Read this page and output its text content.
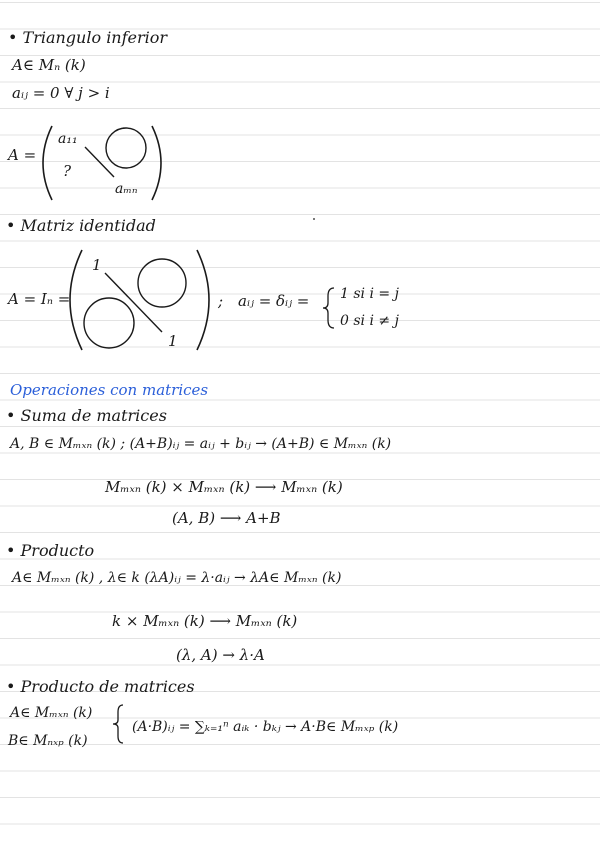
• Triangulo inferior
A∈ Mₙ (k)
aᵢⱼ = 0 ∀ j > i
A =
a₁₁
?
aₘₙ
• Matriz identidad
A = Iₙ =
1
1
; aᵢⱼ = δᵢⱼ = 1 si i = j
0 si i ≠ j
Operaciones con matrices
• Suma de matrices
A, B ∈ Mₘₓₙ (k) ; (A+B)ᵢⱼ = aᵢⱼ + bᵢⱼ → (A+B) ∈ Mₘₓₙ (k)
Mₘₓₙ (k) × Mₘₓₙ (k) ⟶ Mₘₓₙ (k)
(A, B) ⟶ A+B
• Producto
A∈ Mₘₓₙ (k) , λ∈ k (λA)ᵢⱼ = λ·aᵢⱼ → λA∈ Mₘₓₙ (k)
k × Mₘₓₙ (k) ⟶ Mₘₓₙ (k)
(λ, A) → λ·A
• Producto de matrices
A∈ Mₘₓₙ (k)
B∈ Mₙₓₚ (k)
(A·B)ᵢⱼ = ∑ₖ₌₁ⁿ aᵢₖ · bₖⱼ → A·B∈ Mₘₓₚ (k)
